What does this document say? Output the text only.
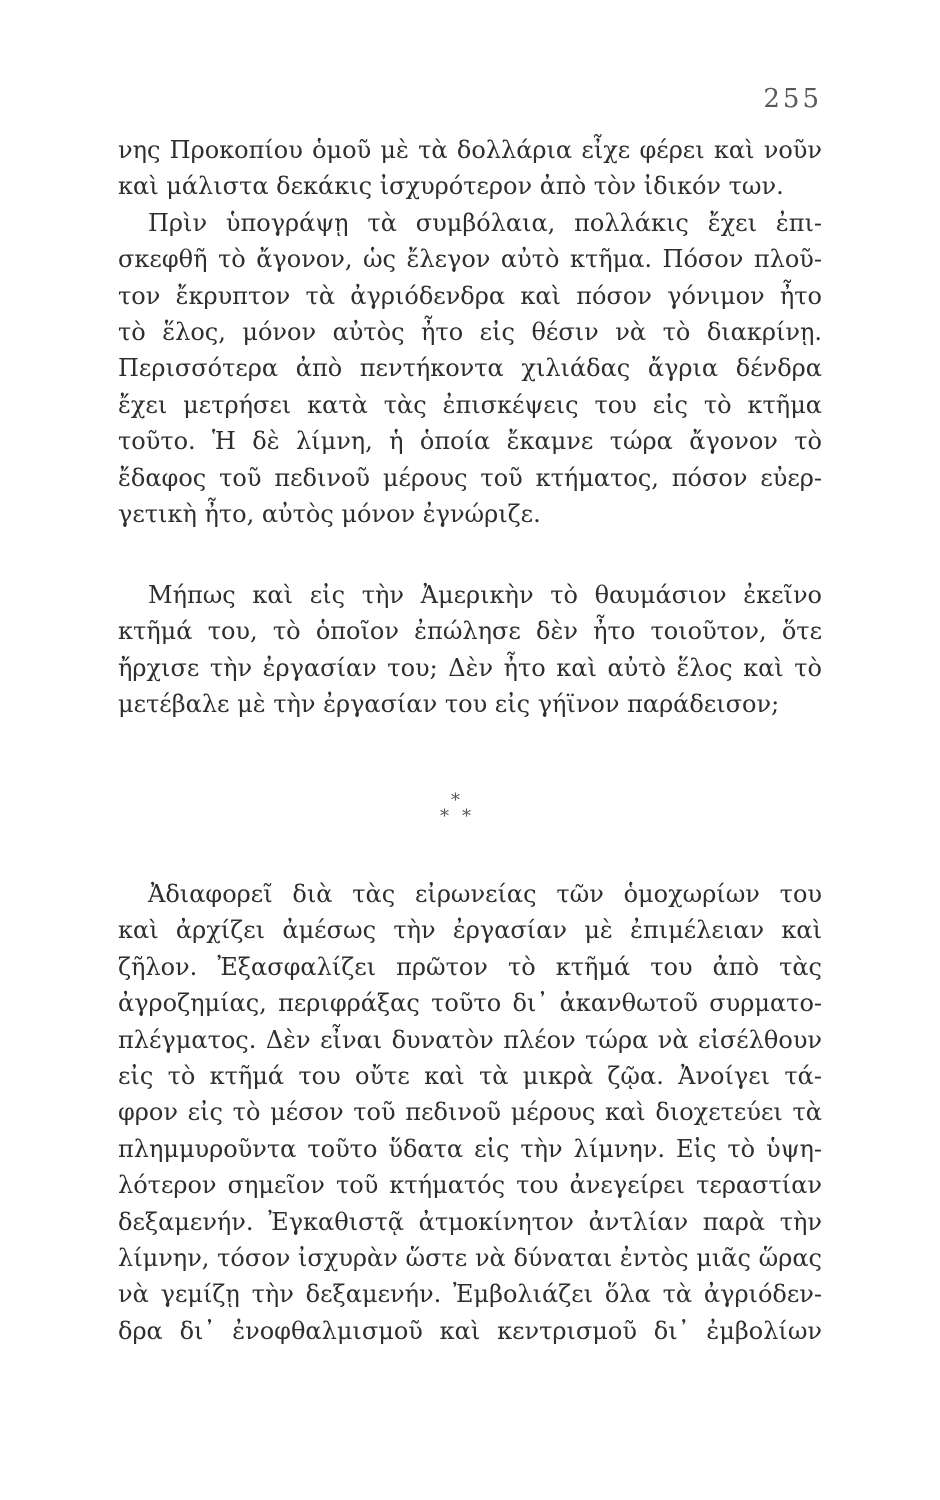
255
νης Προκοπίου ὁμοῦ μὲ τὰ δολλάρια εἶχε φέρει καὶ νοῦν
καὶ μάλιστα δεκάκις ἰσχυρότερον ἀπὸ τὸν ἰδικόν των.
Πρὶν ὑπογράψῃ τὰ συμβόλαια, πολλάκις ἔχει ἐπι-
σκεφθῆ τὸ ἄγονον, ὡς ἔλεγον αὐτὸ κτῆμα. Πόσον πλοῦ-
τον ἔκρυπτον τὰ ἀγριόδενδρα καὶ πόσον γόνιμον ἦτο
τὸ ἕλος, μόνον αὐτὸς ἦτο εἰς θέσιν νὰ τὸ διακρίνῃ.
Περισσότερα ἀπὸ πεντήκοντα χιλιάδας ἄγρια δένδρα
ἔχει μετρήσει κατὰ τὰς ἐπισκέψεις του εἰς τὸ κτῆμα
τοῦτο. Ἡ δὲ λίμνη, ἡ ὁποία ἔκαμνε τώρα ἄγονον τὸ
ἔδαφος τοῦ πεδινοῦ μέρους τοῦ κτήματος, πόσον εὐερ-
γετικὴ ἦτο, αὐτὸς μόνον ἐγνώριζε.
Μήπως καὶ εἰς τὴν Ἀμερικὴν τὸ θαυμάσιον ἐκεῖνο
κτῆμά του, τὸ ὁποῖον ἐπώλησε δὲν ἦτο τοιοῦτον, ὅτε
ἤρχισε τὴν ἐργασίαν του; Δὲν ἦτο καὶ αὐτὸ ἕλος καὶ τὸ
μετέβαλε μὲ τὴν ἐργασίαν του εἰς γήϊνον παράδεισον;
*
* *
Ἀδιαφορεῖ διὰ τὰς εἰρωνείας τῶν ὁμοχωρίων του
καὶ ἀρχίζει ἀμέσως τὴν ἐργασίαν μὲ ἐπιμέλειαν καὶ
ζῆλον. Ἐξασφαλίζει πρῶτον τὸ κτῆμά του ἀπὸ τὰς
ἀγροζημίας, περιφράξας τοῦτο δι᾿ ἀκανθωτοῦ συρματο-
πλέγματος. Δὲν εἶναι δυνατὸν πλέον τώρα νὰ εἰσέλθουν
εἰς τὸ κτῆμά του οὔτε καὶ τὰ μικρὰ ζῷα. Ἀνοίγει τά-
φρον εἰς τὸ μέσον τοῦ πεδινοῦ μέρους καὶ διοχετεύει τὰ
πλημμυροῦντα τοῦτο ὕδατα εἰς τὴν λίμνην. Εἰς τὸ ὑψη-
λότερον σημεῖον τοῦ κτήματός του ἀνεγείρει τεραστίαν
δεξαμενήν. Ἐγκαθιστᾷ ἀτμοκίνητον ἀντλίαν παρὰ τὴν
λίμνην, τόσον ἰσχυρὰν ὥστε νὰ δύναται ἐντὸς μιᾶς ὥρας
νὰ γεμίζῃ τὴν δεξαμενήν. Ἐμβολιάζει ὅλα τὰ ἀγριόδεν-
δρα δι᾿ ἐνοφθαλμισμοῦ καὶ κεντρισμοῦ δι᾿ ἐμβολίων
